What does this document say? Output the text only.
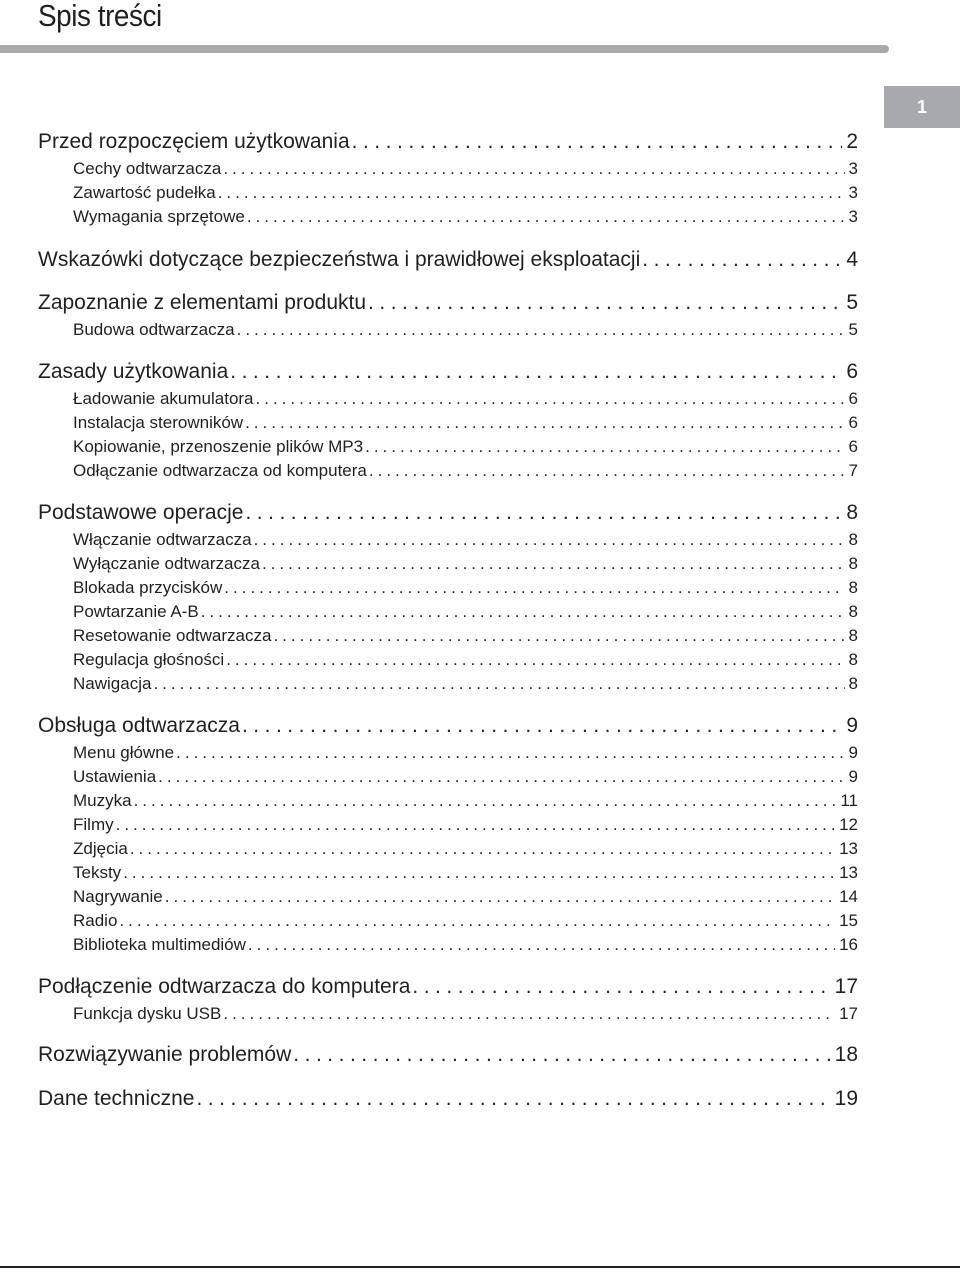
Spis treści
1
Przed rozpoczęciem użytkowania .....	2
Cechy odtwarzacza .....	3
Zawartość pudełka .....	3
Wymagania sprzętowe .....	3
Wskazówki dotyczące bezpieczeństwa i prawidłowej eksploatacji .....	4
Zapoznanie z elementami produktu .....	5
Budowa odtwarzacza .....	5
Zasady użytkowania .....	6
Ładowanie akumulatora .....	6
Instalacja sterowników .....	6
Kopiowanie, przenoszenie plików MP3 .....	6
Odłączanie odtwarzacza od komputera .....	7
Podstawowe operacje .....	8
Włączanie odtwarzacza .....	8
Wyłączanie odtwarzacza .....	8
Blokada przycisków .....	8
Powtarzanie A-B .....	8
Resetowanie odtwarzacza .....	8
Regulacja głośności .....	8
Nawigacja .....	8
Obsługa odtwarzacza .....	9
Menu główne .....	9
Ustawienia .....	9
Muzyka .....	11
Filmy .....	12
Zdjęcia .....	13
Teksty .....	13
Nagrywanie .....	14
Radio .....	15
Biblioteka multimediów .....	16
Podłączenie odtwarzacza do komputera .....	17
Funkcja dysku USB .....	17
Rozwiązywanie problemów .....	18
Dane techniczne .....	19
